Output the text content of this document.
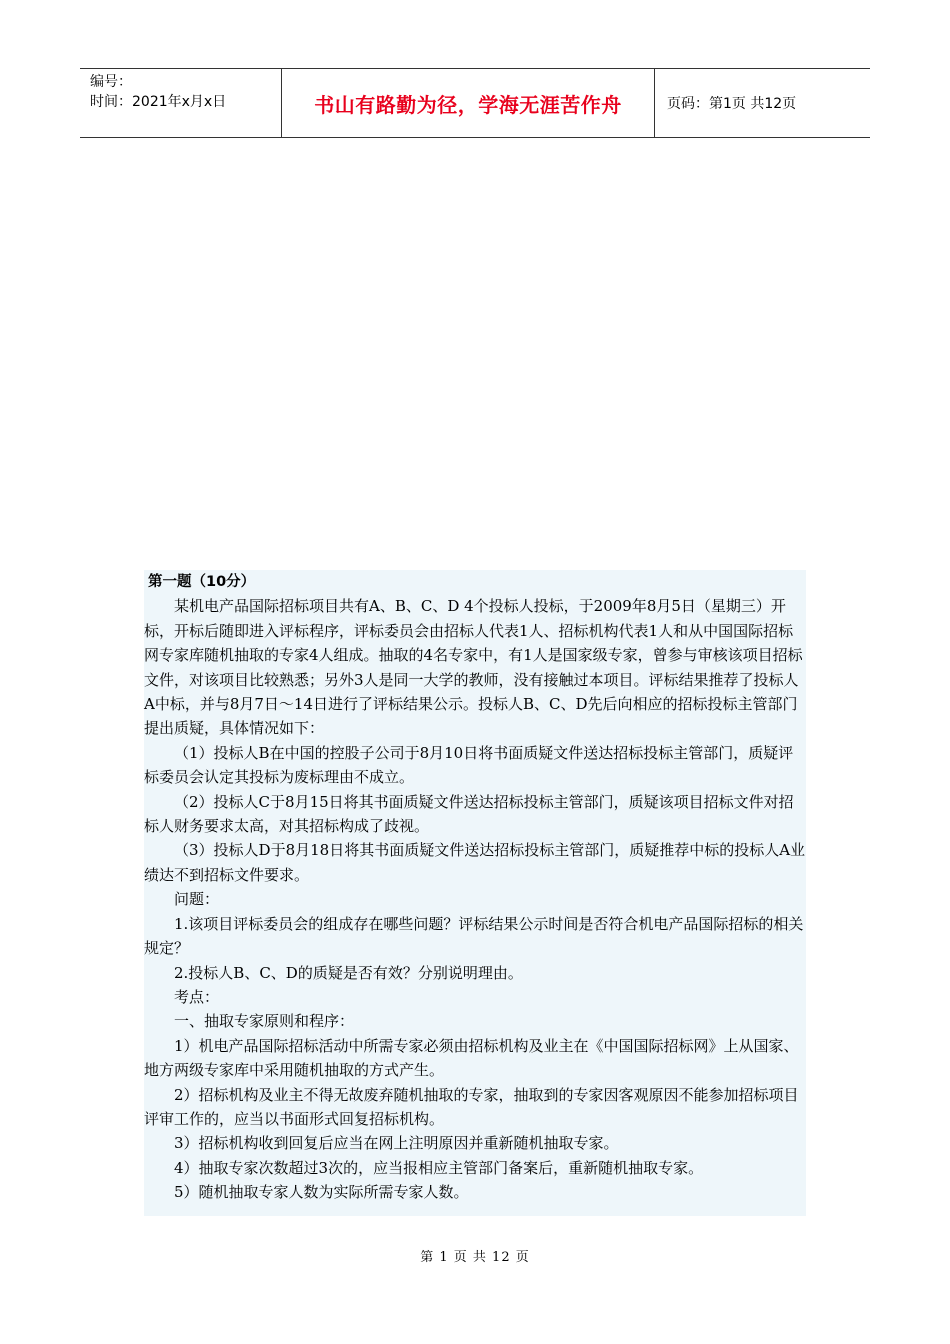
编号：
时间：2021年x月x日	书山有路勤为径，学海无涯苦作舟	页码：第1页 共12页

第一题（10分）

某机电产品国际招标项目共有A、B、C、D 4个投标人投标，于2009年8月5日（星期三）开标，开标后随即进入评标程序，评标委员会由招标人代表1人、招标机构代表1人和从中国国际招标网专家库随机抽取的专家4人组成。抽取的4名专家中，有1人是国家级专家，曾参与审核该项目招标文件，对该项目比较熟悉；另外3人是同一大学的教师，没有接触过本项目。评标结果推荐了投标人A中标，并与8月7日～14日进行了评标结果公示。投标人B、C、D先后向相应的招标投标主管部门提出质疑，具体情况如下：

（1）投标人B在中国的控股子公司于8月10日将书面质疑文件送达招标投标主管部门，质疑评标委员会认定其投标为废标理由不成立。

（2）投标人C于8月15日将其书面质疑文件送达招标投标主管部门，质疑该项目招标文件对招标人财务要求太高，对其招标构成了歧视。

（3）投标人D于8月18日将其书面质疑文件送达招标投标主管部门，质疑推荐中标的投标人A业绩达不到招标文件要求。

问题：

1.该项目评标委员会的组成存在哪些问题？评标结果公示时间是否符合机电产品国际招标的相关规定？

2.投标人B、C、D的质疑是否有效？分别说明理由。

考点：

一、抽取专家原则和程序：

1）机电产品国际招标活动中所需专家必须由招标机构及业主在《中国国际招标网》上从国家、地方两级专家库中采用随机抽取的方式产生。

2）招标机构及业主不得无故废弃随机抽取的专家，抽取到的专家因客观原因不能参加招标项目评审工作的，应当以书面形式回复招标机构。

3）招标机构收到回复后应当在网上注明原因并重新随机抽取专家。

4）抽取专家次数超过3次的，应当报相应主管部门备案后，重新随机抽取专家。

5）随机抽取专家人数为实际所需专家人数。

第 1 页 共 12 页
